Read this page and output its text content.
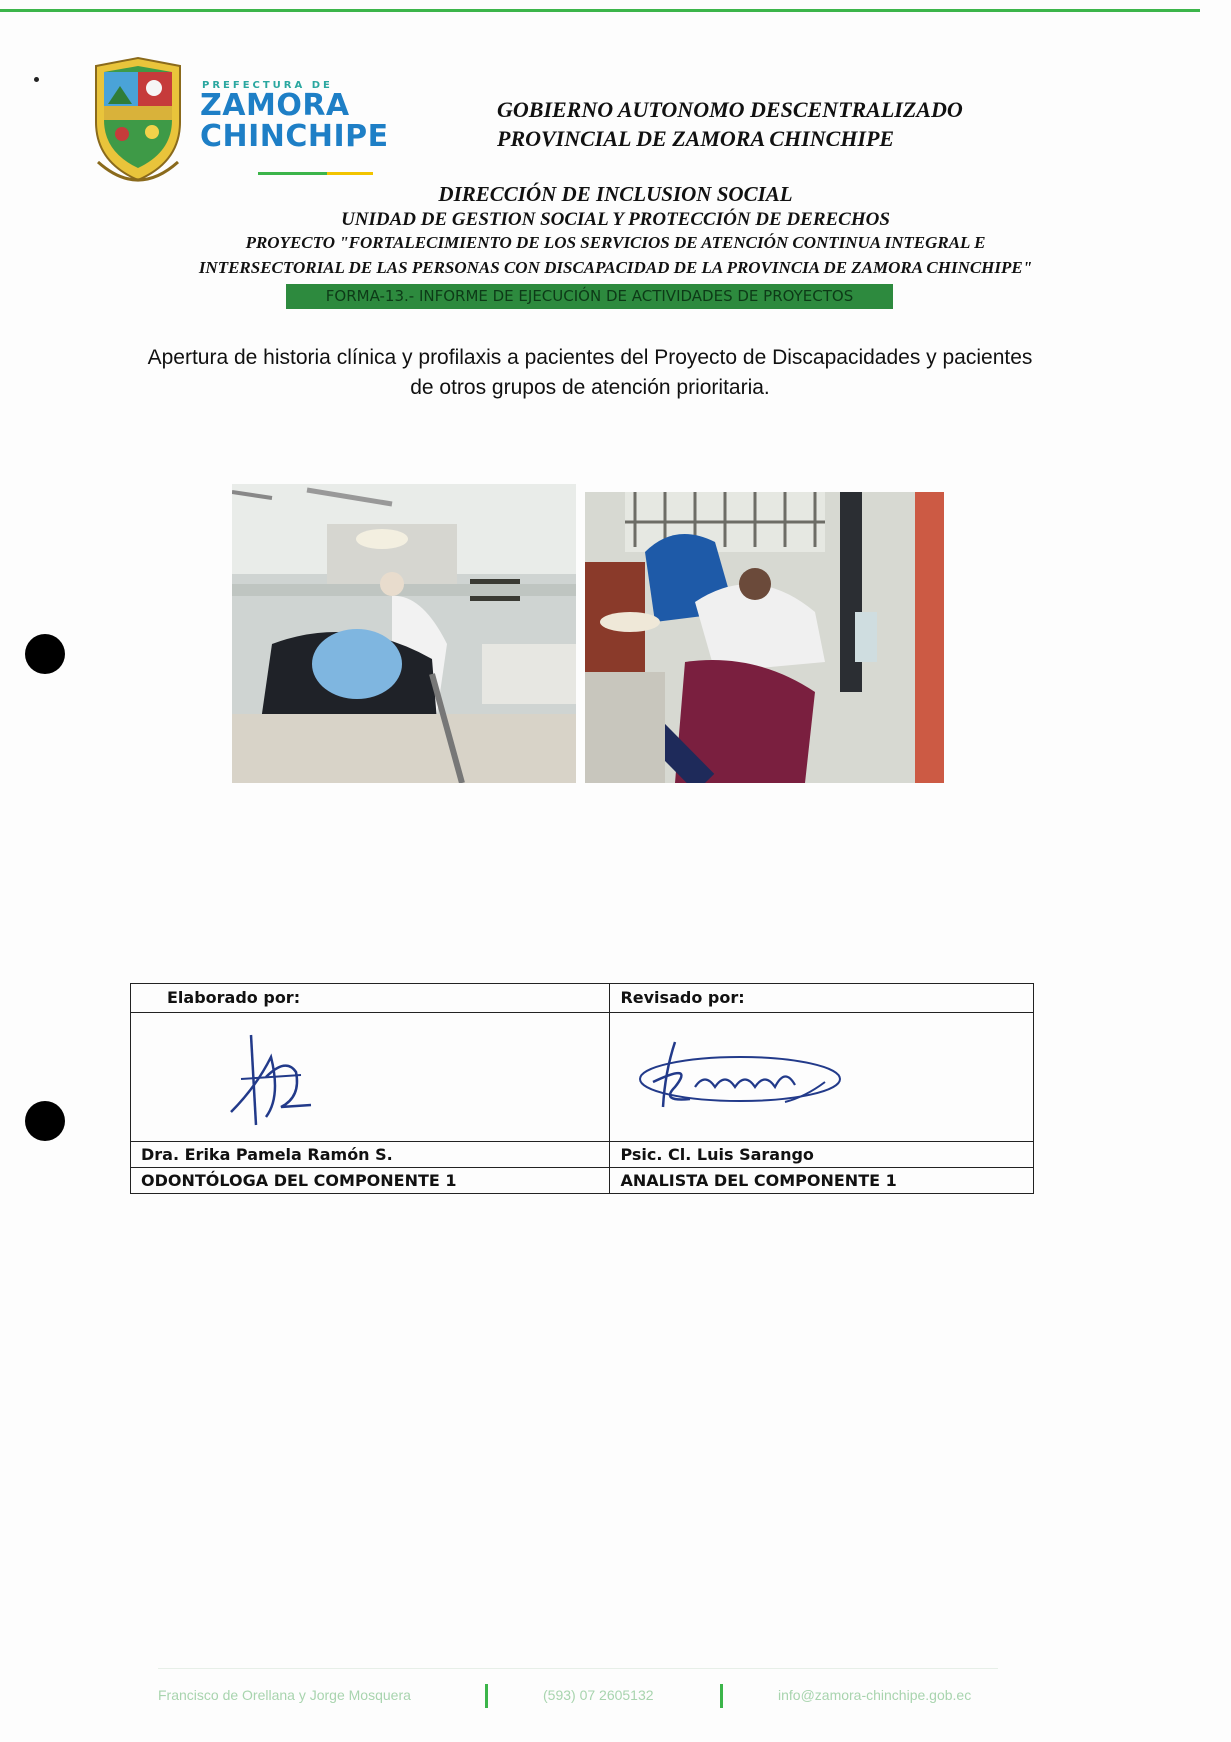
PREFECTURA DE
ZAMORA
CHINCHIPE
GOBIERNO AUTONOMO DESCENTRALIZADO
PROVINCIAL DE ZAMORA CHINCHIPE
DIRECCIÓN DE INCLUSION SOCIAL
UNIDAD DE GESTION SOCIAL Y PROTECCIÓN DE DERECHOS
PROYECTO "FORTALECIMIENTO DE LOS SERVICIOS DE ATENCIÓN CONTINUA INTEGRAL E
INTERSECTORIAL DE LAS PERSONAS CON DISCAPACIDAD DE LA PROVINCIA DE ZAMORA CHINCHIPE"
FORMA-13.- INFORME DE EJECUCIÓN DE ACTIVIDADES DE PROYECTOS
Apertura de historia clínica y profilaxis a pacientes del Proyecto de Discapacidades y pacientes
de otros grupos de atención prioritaria.
Elaborado por:	Revisado por:

Dra. Erika Pamela Ramón S.	Psic. Cl. Luis Sarango
ODONTÓLOGA DEL COMPONENTE 1	ANALISTA DEL COMPONENTE 1
Francisco de Orellana y Jorge Mosquera	(593) 07 2605132	info@zamora-chinchipe.gob.ec
